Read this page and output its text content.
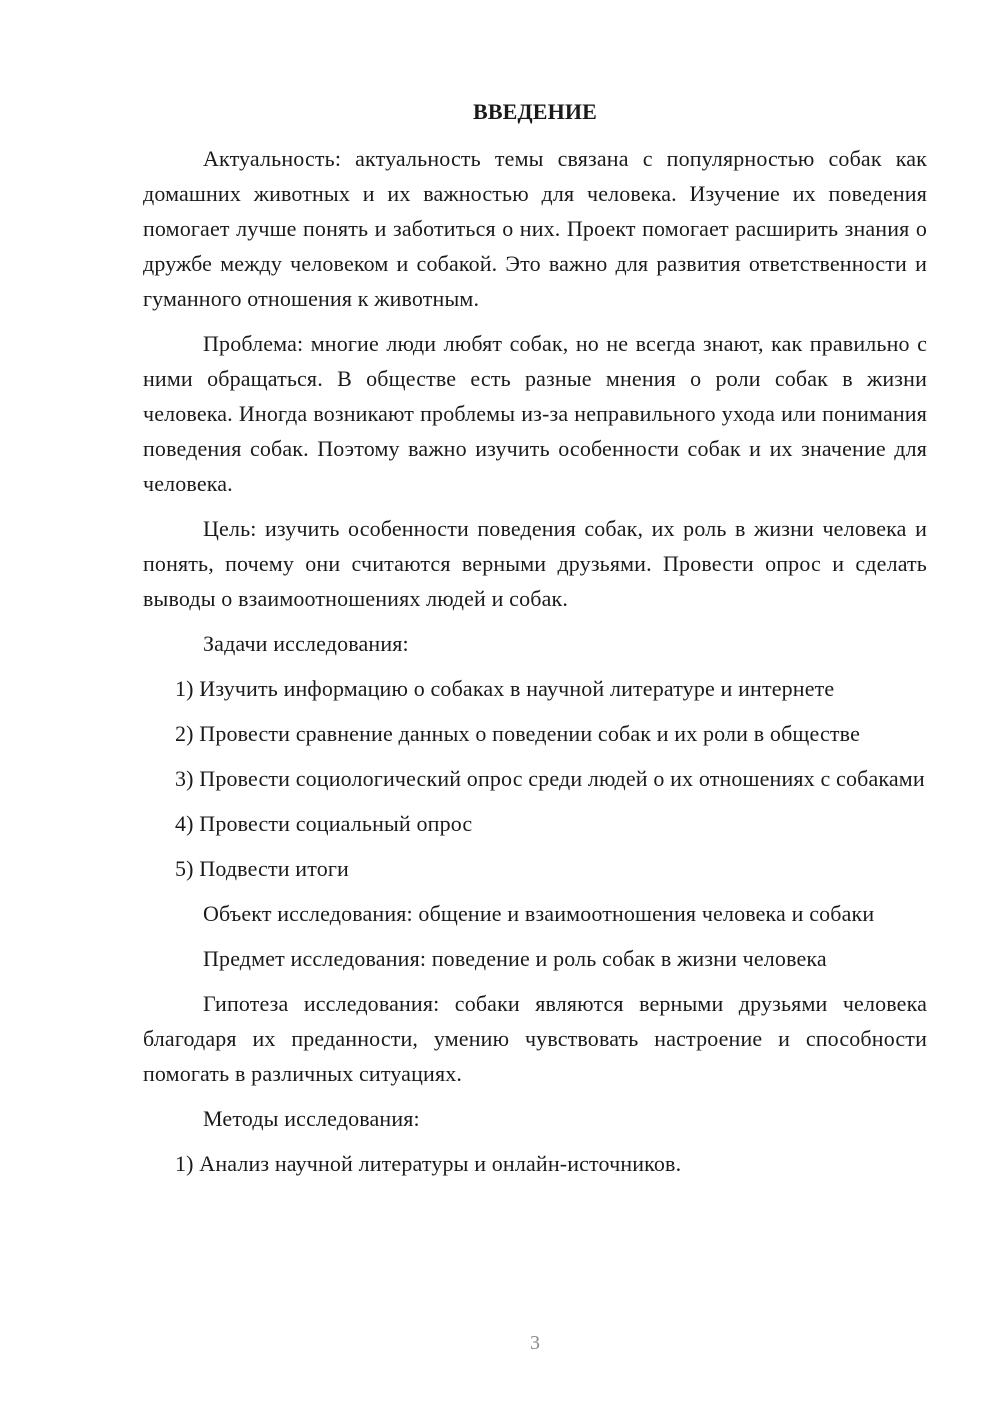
ВВЕДЕНИЕ

Актуальность: актуальность темы связана с популярностью собак как домашних животных и их важностью для человека. Изучение их поведения помогает лучше понять и заботиться о них. Проект помогает расширить знания о дружбе между человеком и собакой. Это важно для развития ответственности и гуманного отношения к животным.

Проблема: многие люди любят собак, но не всегда знают, как правильно с ними обращаться. В обществе есть разные мнения о роли собак в жизни человека. Иногда возникают проблемы из-за неправильного ухода или понимания поведения собак. Поэтому важно изучить особенности собак и их значение для человека.

Цель: изучить особенности поведения собак, их роль в жизни человека и понять, почему они считаются верными друзьями. Провести опрос и сделать выводы о взаимоотношениях людей и собак.

Задачи исследования:

1) Изучить информацию о собаках в научной литературе и интернете

2) Провести сравнение данных о поведении собак и их роли в обществе

3) Провести социологический опрос среди людей о их отношениях с собаками

4) Провести социальный опрос

5) Подвести итоги

Объект исследования: общение и взаимоотношения человека и собаки

Предмет исследования: поведение и роль собак в жизни человека

Гипотеза исследования: собаки являются верными друзьями человека благодаря их преданности, умению чувствовать настроение и способности помогать в различных ситуациях.

Методы исследования:

1) Анализ научной литературы и онлайн-источников.

3
